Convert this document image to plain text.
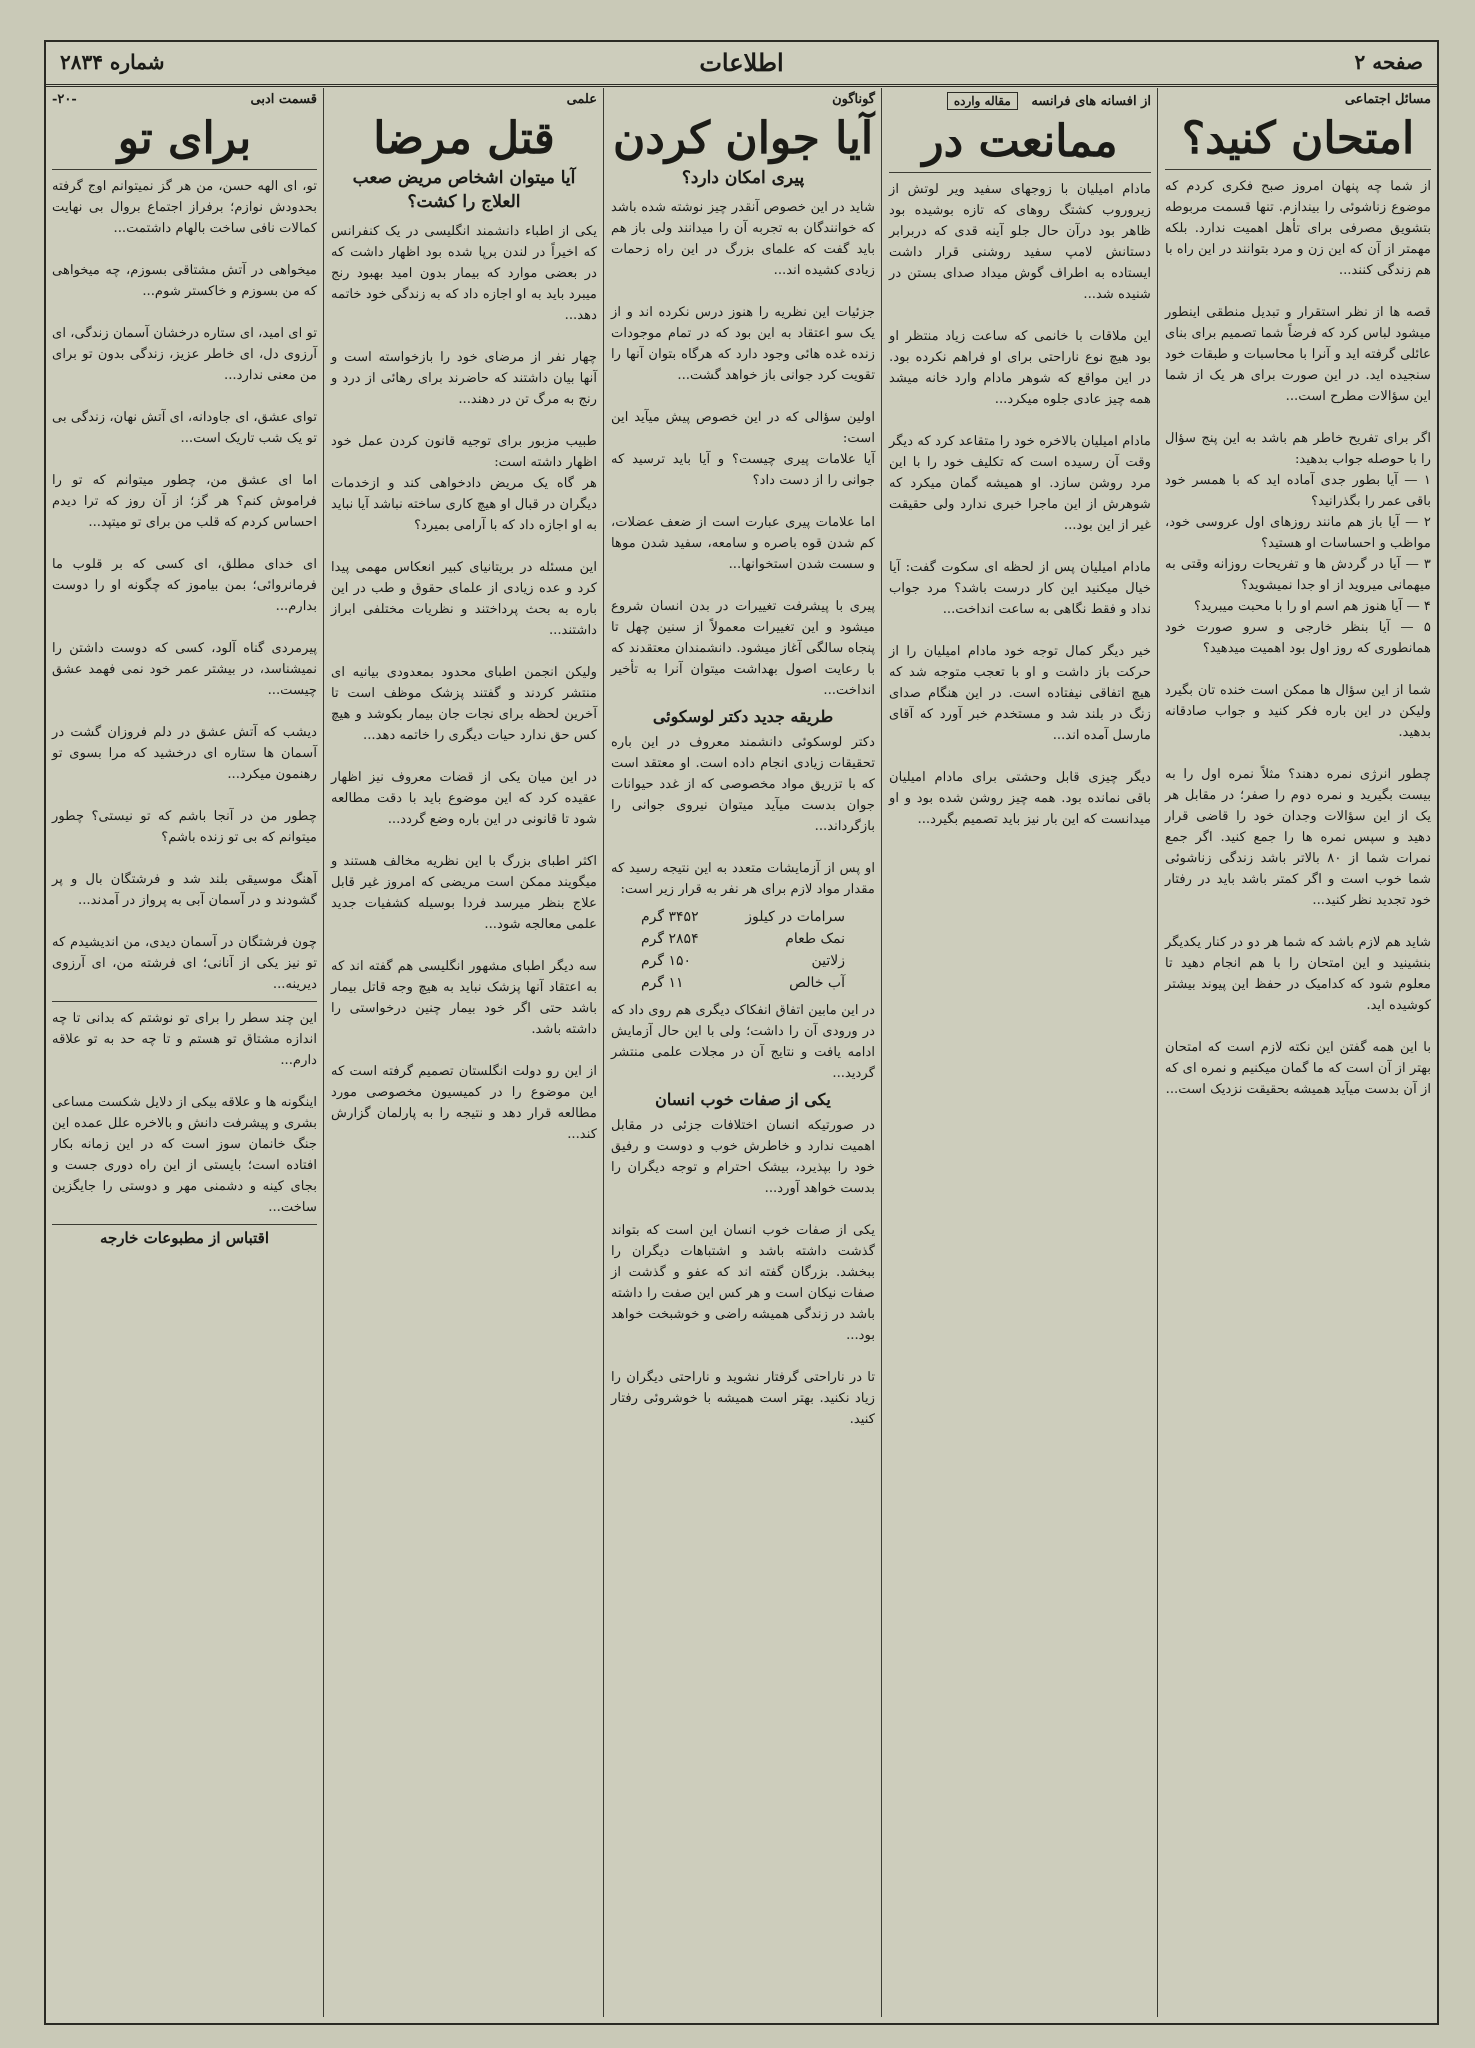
صفحه ۲
اطلاعات
شماره ۲۸۳۴
مسائل اجتماعی
امتحان کنید؟

از شما چه پنهان امروز صبح فکری کردم که موضوع زناشوئی را بیندازم. تنها قسمت مربوطه بتشویق مصرفی برای تأهل اهمیت ندارد. بلکه مهمتر از آن که این زن و مرد بتوانند در این راه با هم زندگی کنند...

قصه ها از نظر استقرار و تبدیل منطقی اینطور میشود لباس کرد که فرضاً شما تصمیم برای بنای عائلی گرفته اید و آنرا با محاسبات و طبقات خود سنجیده اید. در این صورت برای هر یک از شما این سؤالات مطرح است...

اگر برای تفریح خاطر هم باشد به این پنج سؤال را با حوصله جواب بدهید:
۱ — آیا بطور جدی آماده اید که با همسر خود باقی عمر را بگذرانید؟
۲ — آیا باز هم مانند روزهای اول عروسی خود، مواظب و احساسات او هستید؟
۳ — آیا در گردش ها و تفریحات روزانه وقتی به میهمانی میروید از او جدا نمیشوید؟
۴ — آیا هنوز هم اسم او را با محبت میبرید؟
۵ — آیا بنظر خارجی و سرو صورت خود همانطوری که روز اول بود اهمیت میدهید؟

شما از این سؤال ها ممکن است خنده تان بگیرد ولیکن در این باره فکر کنید و جواب صادقانه بدهید.

چطور انرژی نمره دهند؟ مثلاً نمره اول را به بیست بگیرید و نمره دوم را صفر؛ در مقابل هر یک از این سؤالات وجدان خود را قاضی قرار دهید و سپس نمره ها را جمع کنید. اگر جمع نمرات شما از ۸۰ بالاتر باشد زندگی زناشوئی شما خوب است و اگر کمتر باشد باید در رفتار خود تجدید نظر کنید...

شاید هم لازم باشد که شما هر دو در کنار یکدیگر بنشینید و این امتحان را با هم انجام دهید تا معلوم شود که کدامیک در حفظ این پیوند بیشتر کوشیده اید.

با این همه گفتن این نکته لازم است که امتحان بهتر از آن است که ما گمان میکنیم و نمره ای که از آن بدست میآید همیشه بحقیقت نزدیک است...

از افسانه های فرانسه   مقاله وارده
ممانعت در

مادام امیلیان با زوجهای سفید ویر لوتش از زیروروب کشتگ روهای که تازه بوشیده بود ظاهر بود درآن حال جلو آینه قدی که دربرابر دستانش لامپ سفید روشنی قرار داشت ایستاده به اطراف گوش میداد صدای بستن در شنیده شد...

این ملاقات با خانمی که ساعت زیاد منتظر او بود هیچ نوع ناراحتی برای او فراهم نکرده بود. در این مواقع که شوهر مادام وارد خانه میشد همه چیز عادی جلوه میکرد...

مادام امیلیان بالاخره خود را متقاعد کرد که دیگر وقت آن رسیده است که تکلیف خود را با این مرد روشن سازد. او همیشه گمان میکرد که شوهرش از این ماجرا خبری ندارد ولی حقیقت غیر از این بود...

مادام امیلیان پس از لحظه ای سکوت گفت: آیا خیال میکنید این کار درست باشد؟ مرد جواب نداد و فقط نگاهی به ساعت انداخت...

خیر دیگر کمال توجه خود مادام امیلیان را از حرکت باز داشت و او با تعجب متوجه شد که هیچ اتفاقی نیفتاده است. در این هنگام صدای زنگ در بلند شد و مستخدم خبر آورد که آقای مارسل آمده اند...

دیگر چیزی قابل وحشتی برای مادام امیلیان باقی نمانده بود. همه چیز روشن شده بود و او میدانست که این بار نیز باید تصمیم بگیرد...

گوناگون
آیا جوان کردن
پیری امکان دارد؟

شاید در این خصوص آنقدر چیز نوشته شده باشد که خوانندگان به تجربه آن را میدانند ولی باز هم باید گفت که علمای بزرگ در این راه زحمات زیادی کشیده اند...

جزئیات این نظریه را هنوز درس نکرده اند و از یک سو اعتقاد به این بود که در تمام موجودات زنده غده هائی وجود دارد که هرگاه بتوان آنها را تقویت کرد جوانی باز خواهد گشت...

اولین سؤالی که در این خصوص پیش میآید این است:
آیا علامات پیری چیست؟ و آیا باید ترسید که جوانی را از دست داد؟

اما علامات پیری عبارت است از ضعف عضلات، کم شدن قوه باصره و سامعه، سفید شدن موها و سست شدن استخوانها...

پیری با پیشرفت تغییرات در بدن انسان شروع میشود و این تغییرات معمولاً از سنین چهل تا پنجاه سالگی آغاز میشود. دانشمندان معتقدند که با رعایت اصول بهداشت میتوان آنرا به تأخیر انداخت...

طریقه جدید دکتر لوسکوئی

دکتر لوسکوئی دانشمند معروف در این باره تحقیقات زیادی انجام داده است. او معتقد است که با تزریق مواد مخصوصی که از غدد حیوانات جوان بدست میآید میتوان نیروی جوانی را بازگرداند...

او پس از آزمایشات متعدد به این نتیجه رسید که مقدار مواد لازم برای هر نفر به قرار زیر است:

سرامات در کیلوز
۳۴۵۲ گرم
نمک طعام
۲۸۵۴ گرم
زلاتین
۱۵۰ گرم
آب خالص
۱۱ گرم

در این مابین اتفاق انفکاک دیگری هم روی داد که در ورودی آن را داشت؛ ولی با این حال آزمایش ادامه یافت و نتایج آن در مجلات علمی منتشر گردید...

یکی از صفات خوب انسان

در صورتیکه انسان اختلافات جزئی در مقابل اهمیت ندارد و خاطرش خوب و دوست و رفیق خود را بپذیرد، بیشک احترام و توجه دیگران را بدست خواهد آورد...

یکی از صفات خوب انسان این است که بتواند گذشت داشته باشد و اشتباهات دیگران را ببخشد. بزرگان گفته اند که عفو و گذشت از صفات نیکان است و هر کس این صفت را داشته باشد در زندگی همیشه راضی و خوشبخت خواهد بود...

تا در ناراحتی گرفتار نشوید و ناراحتی دیگران را زیاد نکنید. بهتر است همیشه با خوشروئی رفتار کنید.

علمی
قتل مرضا
آیا میتوان اشخاص مریض صعب العلاج را کشت؟

یکی از اطباء دانشمند انگلیسی در یک کنفرانس که اخیراً در لندن برپا شده بود اظهار داشت که در بعضی موارد که بیمار بدون امید بهبود رنج میبرد باید به او اجازه داد که به زندگی خود خاتمه دهد...

چهار نفر از مرضای خود را بازخواسته است و آنها بیان داشتند که حاضرند برای رهائی از درد و رنج به مرگ تن در دهند...

طبیب مزبور برای توجیه قانون کردن عمل خود اظهار داشته است:
هر گاه یک مریض دادخواهی کند و ازخدمات دیگران در قبال او هیچ کاری ساخته نباشد آیا نباید به او اجازه داد که با آرامی بمیرد؟

این مسئله در بریتانیای کبیر انعکاس مهمی پیدا کرد و عده زیادی از علمای حقوق و طب در این باره به بحث پرداختند و نظریات مختلفی ابراز داشتند...

ولیکن انجمن اطبای محدود بمعدودی بیانیه ای منتشر کردند و گفتند پزشک موظف است تا آخرین لحظه برای نجات جان بیمار بکوشد و هیچ کس حق ندارد حیات دیگری را خاتمه دهد...

در این میان یکی از قضات معروف نیز اظهار عقیده کرد که این موضوع باید با دقت مطالعه شود تا قانونی در این باره وضع گردد...

اکثر اطبای بزرگ با این نظریه مخالف هستند و میگویند ممکن است مریضی که امروز غیر قابل علاج بنظر میرسد فردا بوسیله کشفیات جدید علمی معالجه شود...

سه دیگر اطبای مشهور انگلیسی هم گفته اند که به اعتقاد آنها پزشک نباید به هیچ وجه قاتل بیمار باشد حتی اگر خود بیمار چنین درخواستی را داشته باشد.

از این رو دولت انگلستان تصمیم گرفته است که این موضوع را در کمیسیون مخصوصی مورد مطالعه قرار دهد و نتیجه را به پارلمان گزارش کند...

قسمت ادبی
-۲۰-
برای تو

تو، ای الهه حسن، من هر گز نمیتوانم اوج گرفته بحدودش نوازم؛ برفراز اجتماع بروال بی نهایت کمالات نافی ساخت بالهام داشتمت...

میخواهی در آتش مشتاقی بسوزم، چه میخواهی که من بسوزم و خاکستر شوم...

تو ای امید، ای ستاره درخشان آسمان زندگی، ای آرزوی دل، ای خاطر عزیز، زندگی بدون تو برای من معنی ندارد...

توای عشق، ای جاودانه، ای آتش نهان، زندگی بی تو یک شب تاریک است...

اما ای عشق من، چطور میتوانم که تو را فراموش کنم؟ هر گز؛ از آن روز که ترا دیدم احساس کردم که قلب من برای تو میتپد...

ای خدای مطلق، ای کسی که بر قلوب ما فرمانروائی؛ بمن بیاموز که چگونه او را دوست بدارم...

پیرمردی گناه آلود، کسی که دوست داشتن را نمیشناسد، در بیشتر عمر خود نمی فهمد عشق چیست...

دیشب که آتش عشق در دلم فروزان گشت در آسمان ها ستاره ای درخشید که مرا بسوی تو رهنمون میکرد...

چطور من در آنجا باشم که تو نیستی؟ چطور میتوانم که بی تو زنده باشم؟

آهنگ موسیقی بلند شد و فرشتگان بال و پر گشودند و در آسمان آبی به پرواز در آمدند...

چون فرشتگان در آسمان دیدی، من اندیشیدم که تو نیز یکی از آنانی؛ ای فرشته من، ای آرزوی دیرینه...

این چند سطر را برای تو نوشتم که بدانی تا چه اندازه مشتاق تو هستم و تا چه حد به تو علاقه دارم...

اینگونه ها و علاقه بیکی از دلایل شکست مساعی بشری و پیشرفت دانش و بالاخره علل عمده این جنگ خانمان سوز است که در این زمانه بکار افتاده است؛ بایستی از این راه دوری جست و بجای کینه و دشمنی مهر و دوستی را جایگزین ساخت...

اقتباس از مطبوعات خارجه
